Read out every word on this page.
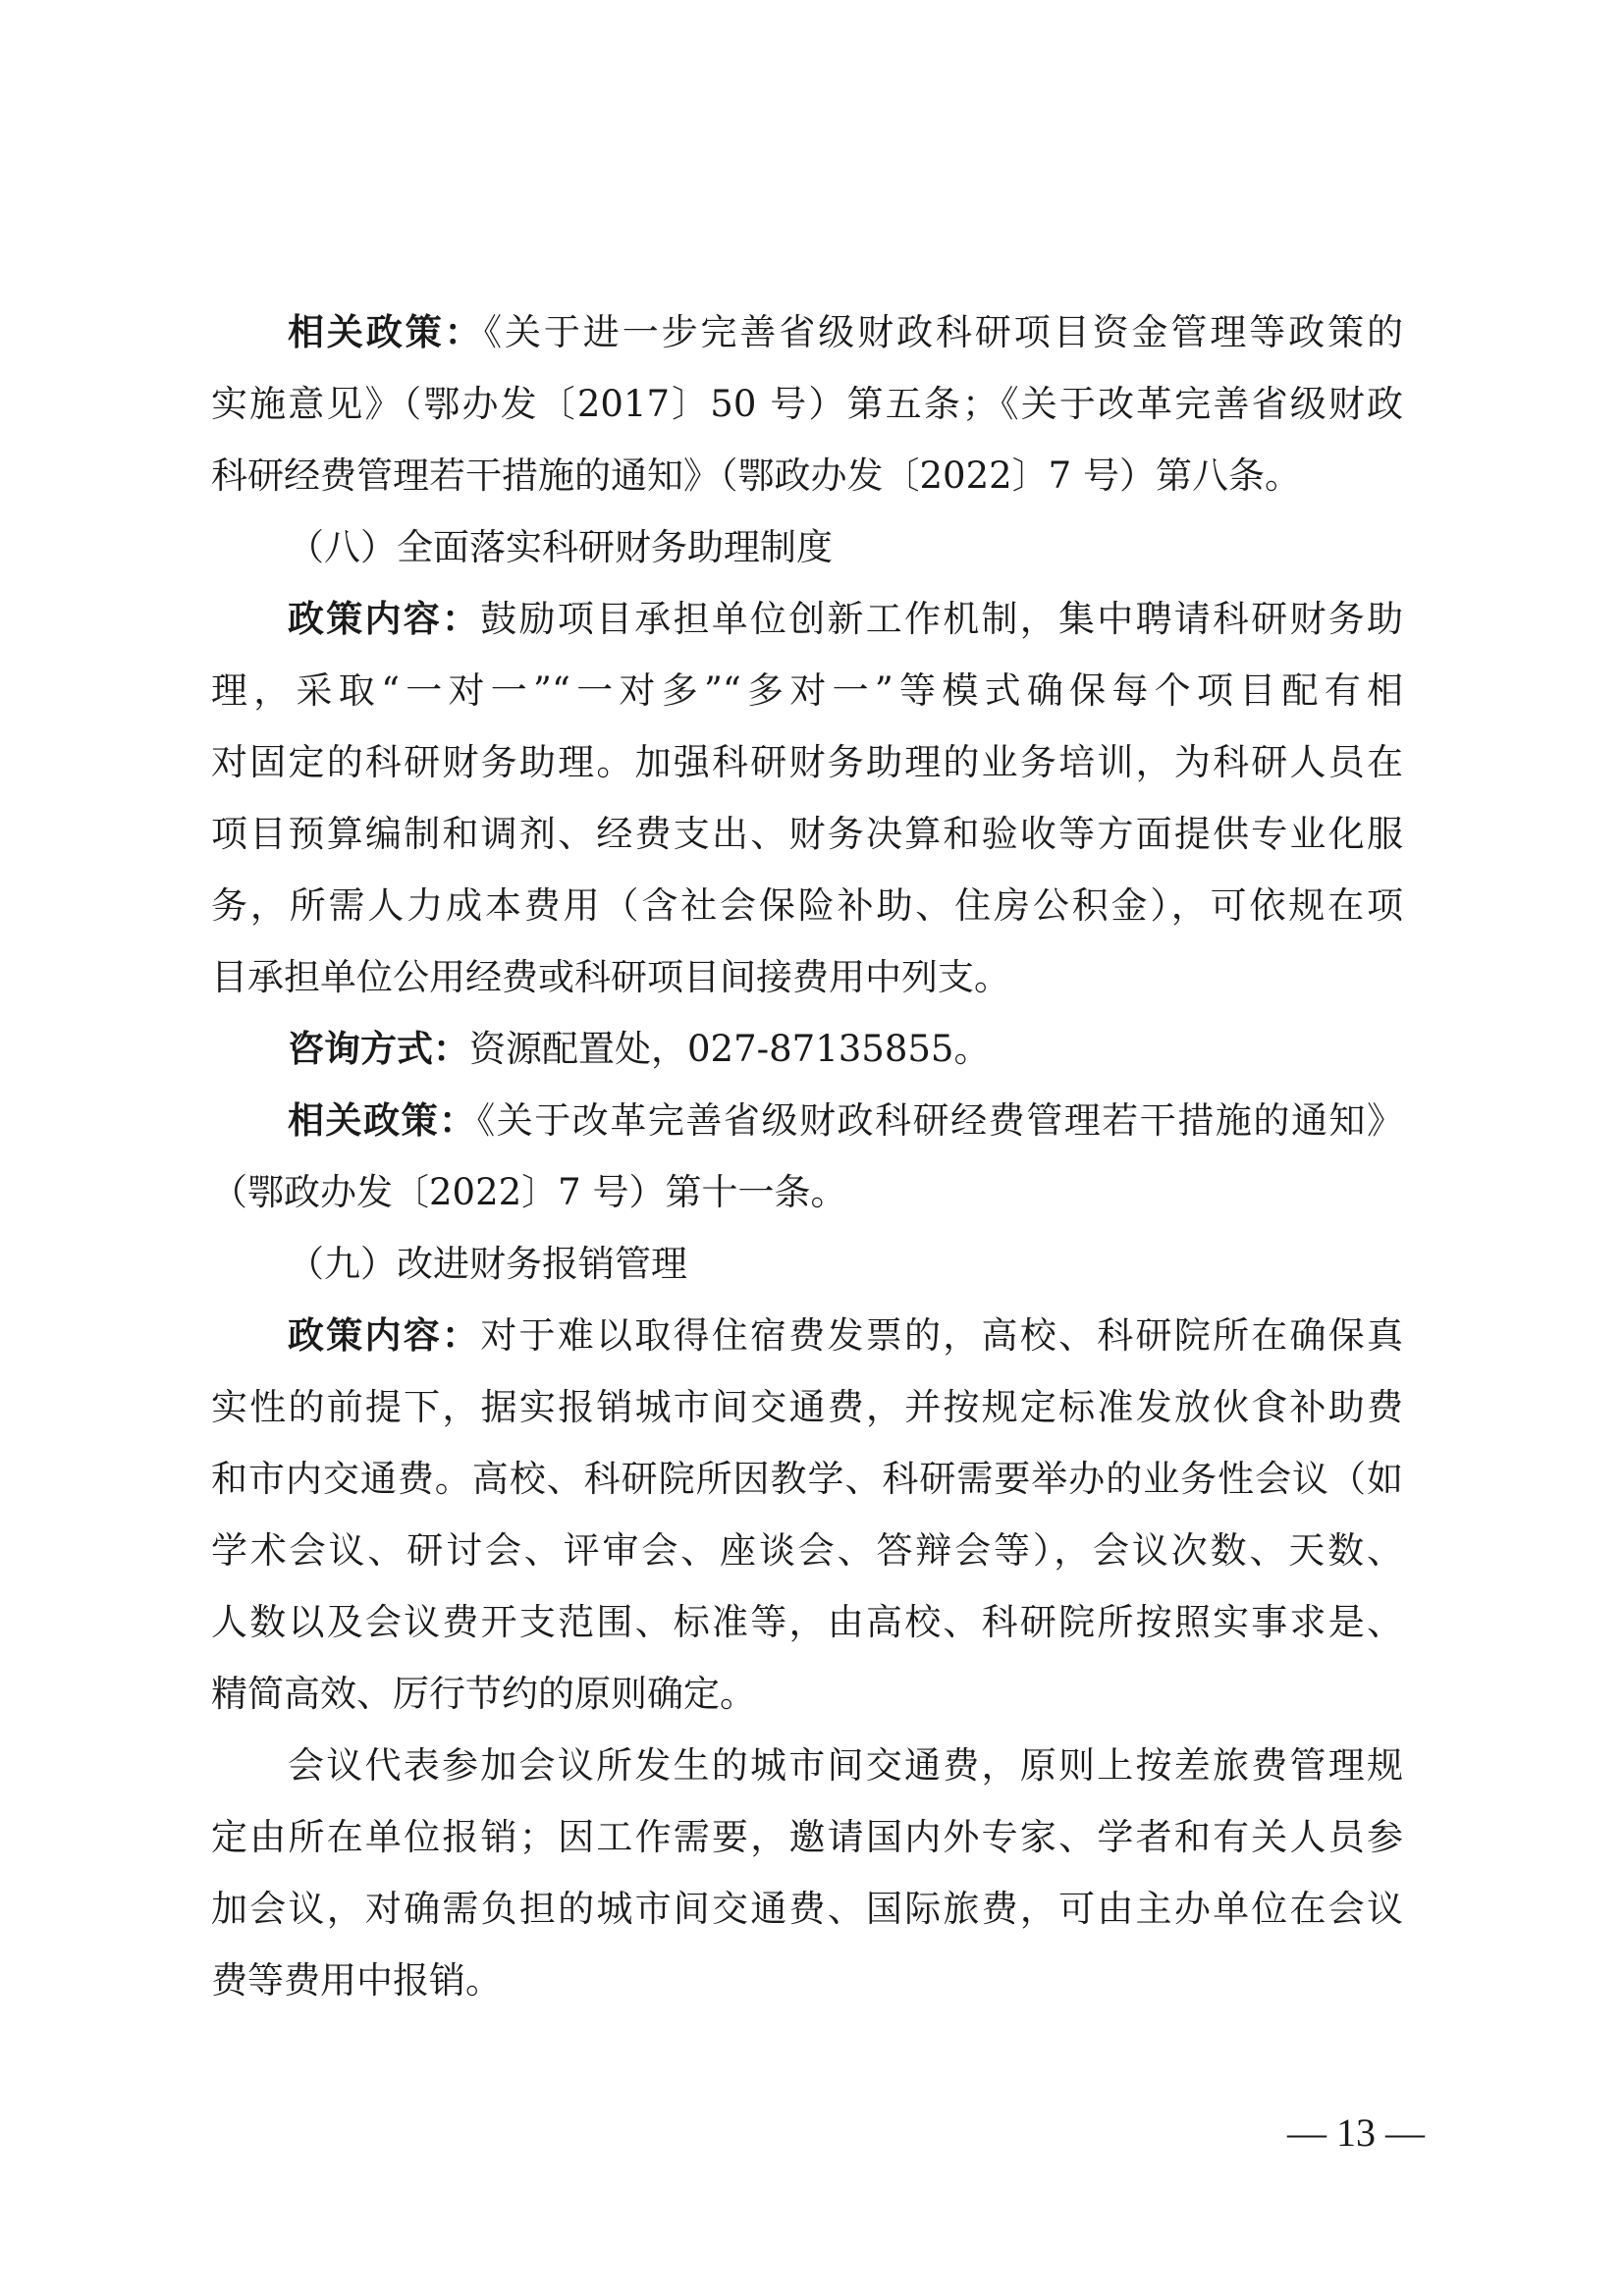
相关政策：《关于进一步完善省级财政科研项目资金管理等政策的
实施意见》（鄂办发〔2017〕50 号）第五条；《关于改革完善省级财政
科研经费管理若干措施的通知》（鄂政办发〔2022〕7 号）第八条。
（八）全面落实科研财务助理制度
政策内容：鼓励项目承担单位创新工作机制，集中聘请科研财务助
理，采取“一对一”“一对多”“多对一”等模式确保每个项目配有相
对固定的科研财务助理。加强科研财务助理的业务培训，为科研人员在
项目预算编制和调剂、经费支出、财务决算和验收等方面提供专业化服
务，所需人力成本费用（含社会保险补助、住房公积金），可依规在项
目承担单位公用经费或科研项目间接费用中列支。
咨询方式：资源配置处，027-87135855。
相关政策：《关于改革完善省级财政科研经费管理若干措施的通知》
（鄂政办发〔2022〕7 号）第十一条。
（九）改进财务报销管理
政策内容：对于难以取得住宿费发票的，高校、科研院所在确保真
实性的前提下，据实报销城市间交通费，并按规定标准发放伙食补助费
和市内交通费。高校、科研院所因教学、科研需要举办的业务性会议（如
学术会议、研讨会、评审会、座谈会、答辩会等），会议次数、天数、
人数以及会议费开支范围、标准等，由高校、科研院所按照实事求是、
精简高效、厉行节约的原则确定。
会议代表参加会议所发生的城市间交通费，原则上按差旅费管理规
定由所在单位报销；因工作需要，邀请国内外专家、学者和有关人员参
加会议，对确需负担的城市间交通费、国际旅费，可由主办单位在会议
费等费用中报销。
— 13 —
